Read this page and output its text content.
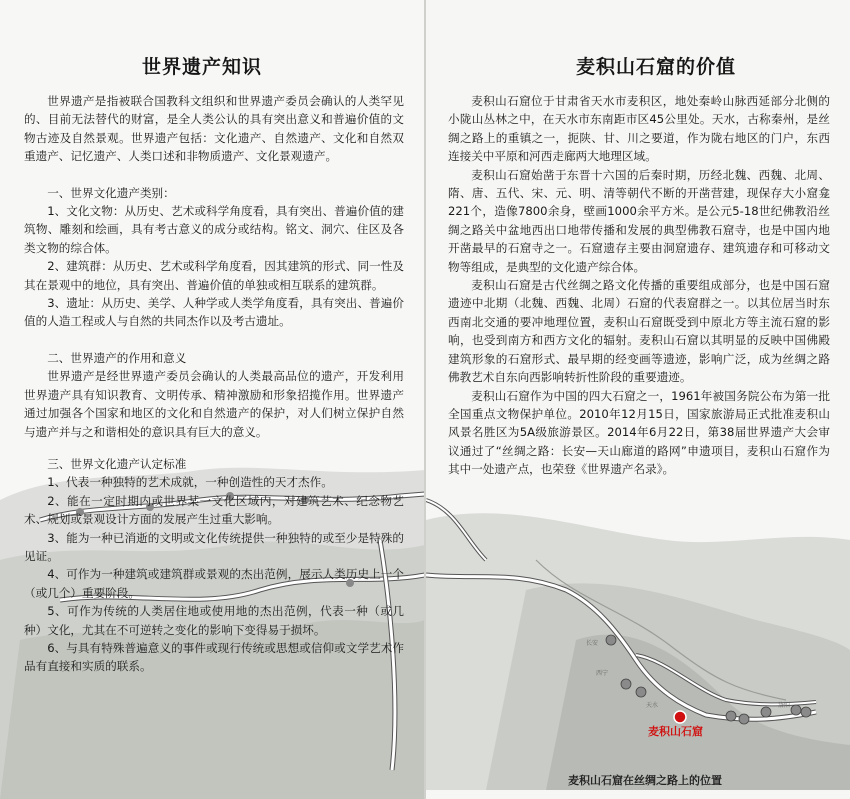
世界遗产知识

世界遗产是指被联合国教科文组织和世界遗产委员会确认的人类罕见的、目前无法替代的财富，是全人类公认的具有突出意义和普遍价值的文物古迹及自然景观。世界遗产包括：文化遗产、自然遗产、文化和自然双重遗产、记忆遗产、人类口述和非物质遗产、文化景观遗产。

一、世界文化遗产类别：

1、文化文物：从历史、艺术或科学角度看，具有突出、普遍价值的建筑物、雕刻和绘画，具有考古意义的成分或结构。铭文、洞穴、住区及各类文物的综合体。

2、建筑群：从历史、艺术或科学角度看，因其建筑的形式、同一性及其在景观中的地位，具有突出、普遍价值的单独或相互联系的建筑群。

3、遗址：从历史、美学、人种学或人类学角度看，具有突出、普遍价值的人造工程或人与自然的共同杰作以及考古遗址。

二、世界遗产的作用和意义

世界遗产是经世界遗产委员会确认的人类最高品位的遗产，开发利用世界遗产具有知识教育、文明传承、精神激励和形象招揽作用。世界遗产通过加强各个国家和地区的文化和自然遗产的保护，对人们树立保护自然与遗产并与之和谐相处的意识具有巨大的意义。

三、世界文化遗产认定标准

1、代表一种独特的艺术成就，一种创造性的天才杰作。

2、能在一定时期内或世界某一文化区域内，对建筑艺术、纪念物艺术、规划或景观设计方面的发展产生过重大影响。

3、能为一种已消逝的文明或文化传统提供一种独特的或至少是特殊的见证。

4、可作为一种建筑或建筑群或景观的杰出范例，展示人类历史上一个（或几个）重要阶段。

5、可作为传统的人类居住地或使用地的杰出范例，代表一种（或几种）文化，尤其在不可逆转之变化的影响下变得易于损坏。

6、与具有特殊普遍意义的事件或现行传统或思想或信仰或文学艺术作品有直接和实质的联系。

麦积山石窟的价值

麦积山石窟位于甘肃省天水市麦积区，地处秦岭山脉西延部分北侧的小陇山丛林之中，在天水市东南距市区45公里处。天水，古称秦州，是丝绸之路上的重镇之一，扼陕、甘、川之要道，作为陇右地区的门户，东西连接关中平原和河西走廊两大地理区域。

麦积山石窟始凿于东晋十六国的后秦时期，历经北魏、西魏、北周、隋、唐、五代、宋、元、明、清等朝代不断的开凿营建，现保存大小窟龛221个，造像7800余身，壁画1000余平方米。是公元5-18世纪佛教沿丝绸之路关中盆地西出口地带传播和发展的典型佛教石窟寺，也是中国内地开凿最早的石窟寺之一。石窟遗存主要由洞窟遗存、建筑遗存和可移动文物等组成，是典型的文化遗产综合体。

麦积山石窟是古代丝绸之路文化传播的重要组成部分，也是中国石窟遗迹中北期（北魏、西魏、北周）石窟的代表窟群之一。以其位居当时东西南北交通的要冲地理位置，麦积山石窟既受到中原北方等主流石窟的影响，也受到南方和西方文化的辐射。麦积山石窟以其明显的反映中国佛殿建筑形象的石窟形式、最早期的经变画等遗迹，影响广泛，成为丝绸之路佛教艺术自东向西影响转折性阶段的重要遗迹。

麦积山石窟作为中国的四大石窟之一，1961年被国务院公布为第一批全国重点文物保护单位。2010年12月15日，国家旅游局正式批准麦积山风景名胜区为5A级旅游景区。2014年6月22日，第38届世界遗产大会审议通过了“丝绸之路：长安—天山廊道的路网”申遗项目，麦积山石窟作为其中一处遗产点，也荣登《世界遗产名录》。

长安
西宁
天水	洛阳
麦积山石窟
麦积山石窟在丝绸之路上的位置
